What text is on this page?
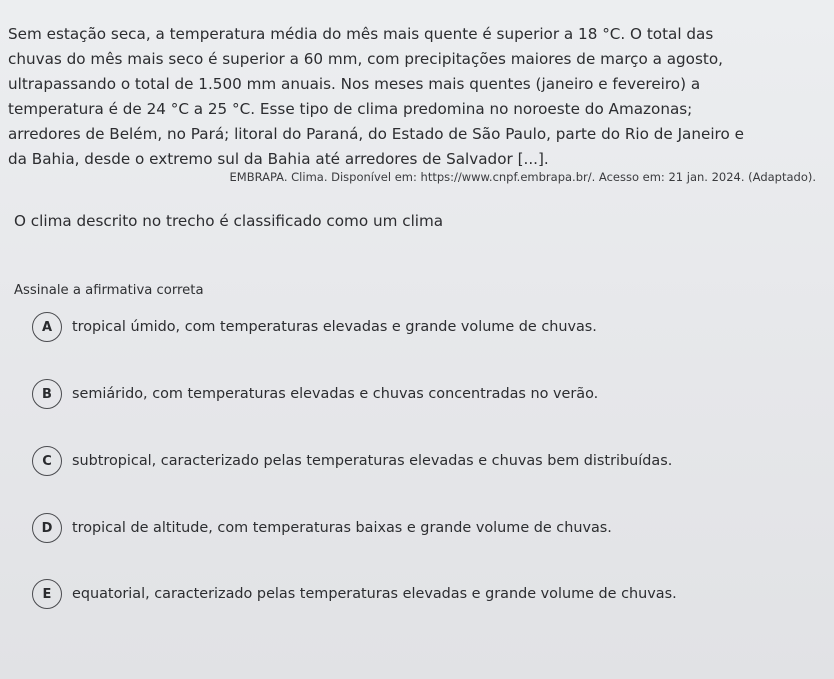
Sem estação seca, a temperatura média do mês mais quente é superior a 18 °C. O total das
chuvas do mês mais seco é superior a 60 mm, com precipitações maiores de março a agosto,
ultrapassando o total de 1.500 mm anuais. Nos meses mais quentes (janeiro e fevereiro) a
temperatura é de 24 °C a 25 °C. Esse tipo de clima predomina no noroeste do Amazonas;
arredores de Belém, no Pará; litoral do Paraná, do Estado de São Paulo, parte do Rio de Janeiro e
da Bahia, desde o extremo sul da Bahia até arredores de Salvador [...].
EMBRAPA. Clima. Disponível em: https://www.cnpf.embrapa.br/. Acesso em: 21 jan. 2024. (Adaptado).
O clima descrito no trecho é classificado como um clima
Assinale a afirmativa correta
A	tropical úmido, com temperaturas elevadas e grande volume de chuvas.
B	semiárido, com temperaturas elevadas e chuvas concentradas no verão.
C	subtropical, caracterizado pelas temperaturas elevadas e chuvas bem distribuídas.
D	tropical de altitude, com temperaturas baixas e grande volume de chuvas.
E	equatorial, caracterizado pelas temperaturas elevadas e grande volume de chuvas.
